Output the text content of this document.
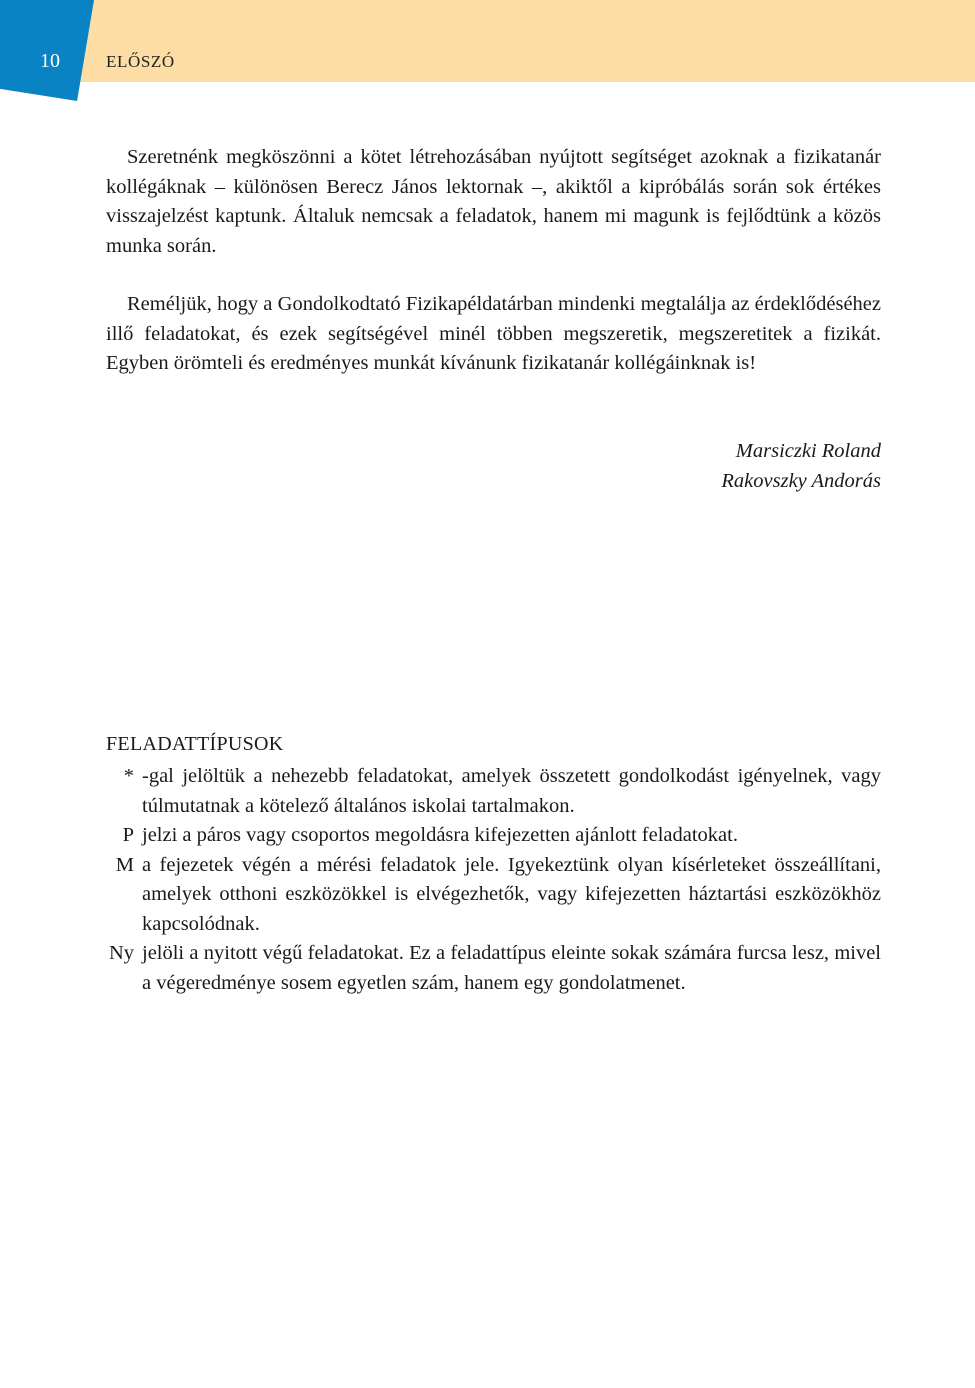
10	ELŐSZÓ

Szeretnénk megköszönni a kötet létrehozásában nyújtott segítséget azoknak a fizikatanár kollégáknak – különösen Berecz János lektornak –, akiktől a kipróbálás során sok értékes visszajelzést kaptunk. Általuk nemcsak a feladatok, hanem mi magunk is fejlődtünk a közös munka során.

Reméljük, hogy a Gondolkodtató Fizikapéldatárban mindenki megtalálja az érdeklődéséhez illő feladatokat, és ezek segítségével minél többen megszeretik, megszeretitek a fizikát. Egyben örömteli és eredményes munkát kívánunk fizikatanár kollégáinknak is!

Marsiczki Roland
Rakovszky Andorás
FELADATTÍPUSOK
* -gal jelöltük a nehezebb feladatokat, amelyek összetett gondolkodást igényelnek, vagy túlmutatnak a kötelező általános iskolai tartalmakon.
P jelzi a páros vagy csoportos megoldásra kifejezetten ajánlott feladatokat.
M a fejezetek végén a mérési feladatok jele. Igyekeztünk olyan kísérleteket összeállítani, amelyek otthoni eszközökkel is elvégezhetők, vagy kifejezetten háztartási eszközökhöz kapcsolódnak.
Ny jelöli a nyitott végű feladatokat. Ez a feladattípus eleinte sokak számára furcsa lesz, mivel a végeredménye sosem egyetlen szám, hanem egy gondolatmenet.
